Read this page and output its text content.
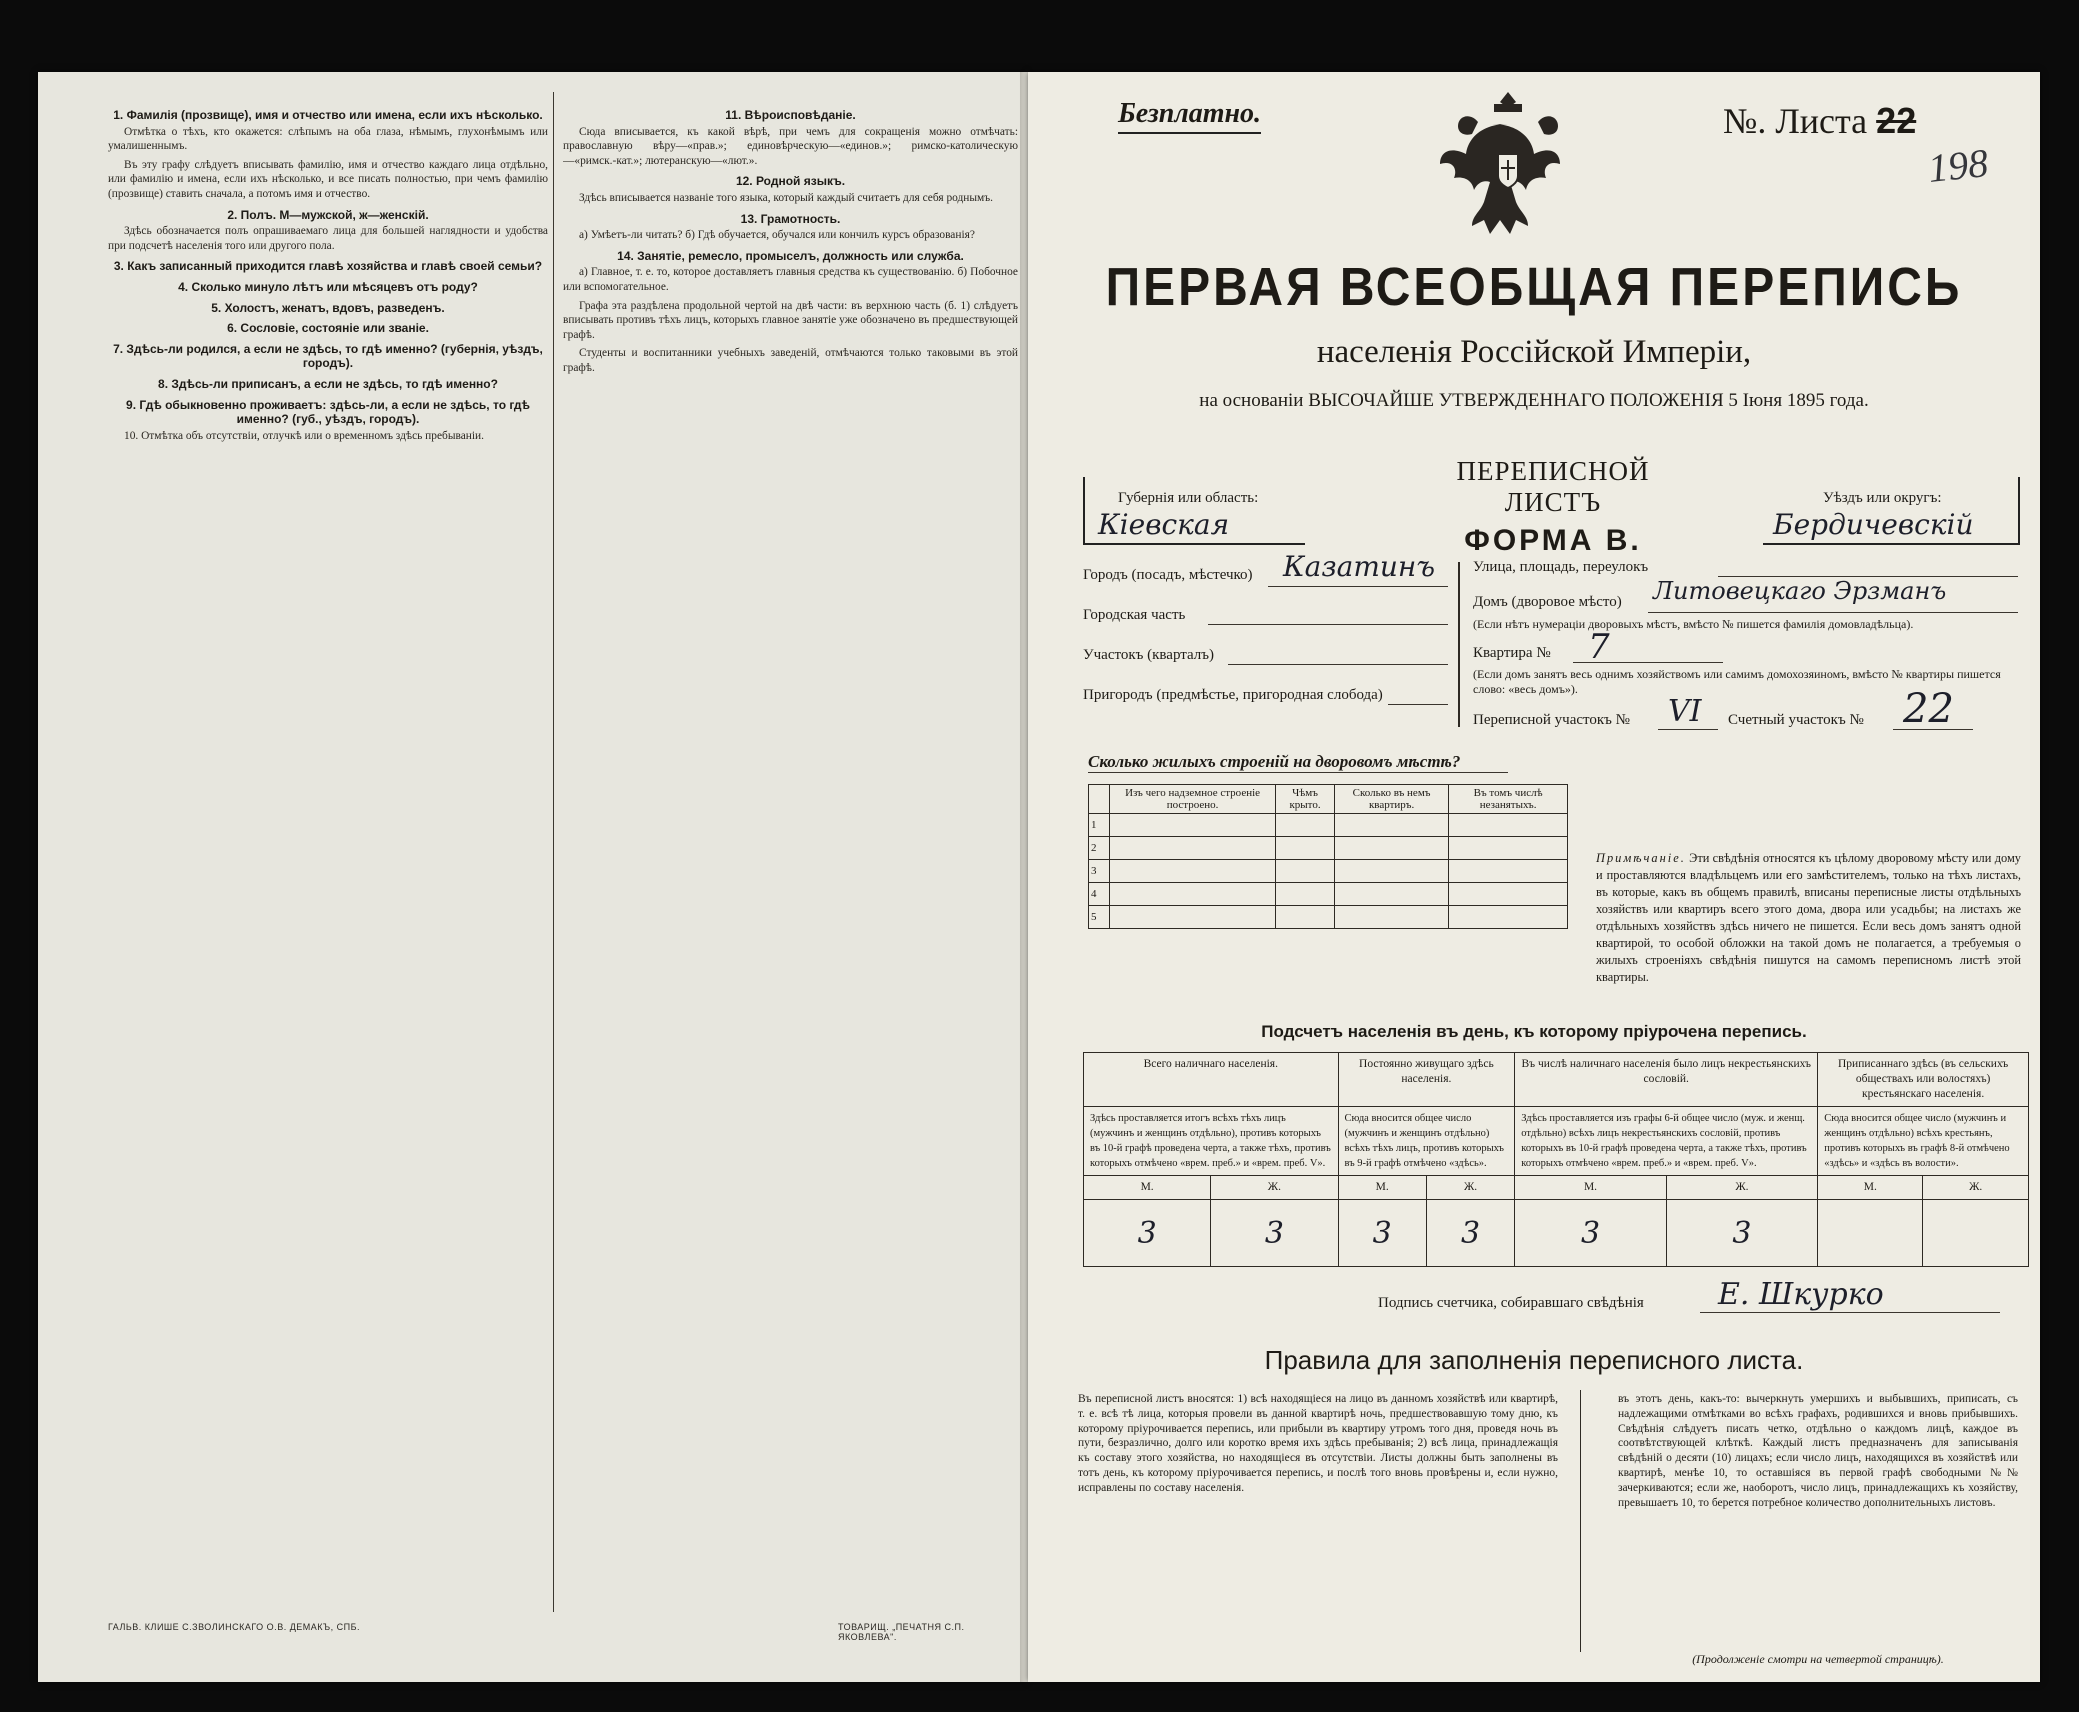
1. Фамилія (прозвище), имя и отчество или имена, если ихъ нѣсколько.

Отмѣтка о тѣхъ, кто окажется: слѣпымъ на оба глаза, нѣмымъ, глухонѣмымъ или умалишеннымъ.

Въ эту графу слѣдуетъ вписывать фамилію, имя и отчество каждаго лица отдѣльно, или фамилію и имена, если ихъ нѣсколько, и все писать полностью, при чемъ фамилію (прозвище) ставить сначала, а потомъ имя и отчество.

2. Полъ. М—мужской, ж—женскій.

Здѣсь обозначается полъ опрашиваемаго лица для большей наглядности и удобства при подсчетѣ населенія того или другого пола.

3. Какъ записанный приходится главѣ хозяйства и главѣ своей семьи?
4. Сколько минуло лѣтъ или мѣсяцевъ отъ роду?
5. Холостъ, женатъ, вдовъ, разведенъ.
6. Сословіе, состояніе или званіе.
7. Здѣсь-ли родился, а если не здѣсь, то гдѣ именно? (губернія, уѣздъ, городъ).
8. Здѣсь-ли приписанъ, а если не здѣсь, то гдѣ именно?
9. Гдѣ обыкновенно проживаетъ: здѣсь-ли, а если не здѣсь, то гдѣ именно? (губ., уѣздъ, городъ).

10. Отмѣтка объ отсутствіи, отлучкѣ или о временномъ здѣсь пребываніи.

11. Вѣроисповѣданіе.

Сюда вписывается, къ какой вѣрѣ, при чемъ для сокращенія можно отмѣчать: православную вѣру—«прав.»; единовѣрческую—«единов.»; римско-католическую—«римск.-кат.»; лютеранскую—«лют.».

12. Родной языкъ.

Здѣсь вписывается названіе того языка, который каждый считаетъ для себя роднымъ.

13. Грамотность.

а) Умѣетъ-ли читать? б) Гдѣ обучается, обучался или кончилъ курсъ образованія?

14. Занятіе, ремесло, промыселъ, должность или служба.

а) Главное, т. е. то, которое доставляетъ главныя средства къ существованію. б) Побочное или вспомогательное.

Графа эта раздѣлена продольной чертой на двѣ части: въ верхнюю часть (б. 1) слѣдуетъ вписывать противъ тѣхъ лицъ, которыхъ главное занятіе уже обозначено въ предшествующей графѣ.

Студенты и воспитанники учебныхъ заведеній, отмѣчаются только таковыми въ этой графѣ.

ГАЛЬВ. КЛИШЕ С.ЗВОЛИНСКАГО О.В. ДЕМАКЪ, СПБ.	ТОВАРИЩ. „ПЕЧАТНЯ С.П. ЯКОВЛЕВА".
Безплатно.	№. Листа 22
198
ПЕРВАЯ ВСЕОБЩАЯ ПЕРЕПИСЬ
населенія Россійской Имперіи,
на основаніи ВЫСОЧАЙШЕ УТВЕРЖДЕННАГО ПОЛОЖЕНІЯ 5 Іюня 1895 года.
Губернія или область:
Кіевская
ПЕРЕПИСНОЙ ЛИСТЪ
ФОРМА В.
Уѣздъ или округъ:
Бердичевскій
Городъ (посадъ, мѣстечко) Казатинъ
Городская часть
Участокъ (кварталъ)
Пригородъ (предмѣстье, пригородная слобода)
Улица, площадь, переулокъ
Домъ (дворовое мѣсто) Литовецкаго Эрзманъ
(Если нѣтъ нумераціи дворовыхъ мѣстъ, вмѣсто № пишется фамилія домовладѣльца).
Квартира № 7
(Если домъ занятъ весь однимъ хозяйствомъ или самимъ домохозяиномъ, вмѣсто № квартиры пишется слово: «весь домъ»).
Переписной участокъ № VI Счетный участокъ № 22
Сколько жилыхъ строеній на дворовомъ мѣстѣ?
	Изъ чего надземное строеніе построено.	Чѣмъ крыто.	Сколько въ немъ квартиръ.	Въ томъ числѣ незанятыхъ.
1				
2				
3				
4				
5				
Примѣчаніе. Эти свѣдѣнія относятся къ цѣлому дворовому мѣсту или дому и проставляются владѣльцемъ или его замѣстителемъ, только на тѣхъ листахъ, въ которые, какъ въ общемъ правилѣ, вписаны переписные листы отдѣльныхъ хозяйствъ или квартиръ всего этого дома, двора или усадьбы; на листахъ же отдѣльныхъ хозяйствъ здѣсь ничего не пишется. Если весь домъ занятъ одной квартирой, то особой обложки на такой домъ не полагается, а требуемыя о жилыхъ строеніяхъ свѣдѣнія пишутся на самомъ переписномъ листѣ этой квартиры.
Подсчетъ населенія въ день, къ которому пріурочена перепись.
Всего наличнаго населенія.		Постоянно живущаго здѣсь населенія.		Въ числѣ наличнаго населенія было лицъ некрестьянскихъ сословій.		Приписаннаго здѣсь (въ сельскихъ обществахъ или волостяхъ) крестьянскаго населенія.	
Здѣсь проставляется итогъ всѣхъ тѣхъ лицъ (мужчинъ и женщинъ отдѣльно), противъ которыхъ въ 10-й графѣ проведена черта, а также тѣхъ, противъ которыхъ отмѣчено «врем. преб.» и «врем. преб. V».		Сюда вносится общее число (мужчинъ и женщинъ отдѣльно) всѣхъ тѣхъ лицъ, противъ которыхъ въ 9-й графѣ отмѣчено «здѣсь».		Здѣсь проставляется изъ графы 6-й общее число (муж. и женщ. отдѣльно) всѣхъ лицъ некрестьянскихъ сословій, противъ которыхъ въ 10-й графѣ проведена черта, а также тѣхъ, противъ которыхъ отмѣчено «врем. преб.» и «врем. преб. V».		Сюда вносится общее число (мужчинъ и женщинъ отдѣльно) всѣхъ крестьянъ, противъ которыхъ въ графѣ 8-й отмѣчено «здѣсь» и «здѣсь въ волости».	
М.	Ж.	М.	Ж.	М.	Ж.	М.	Ж.
3	3	3	3	3	3		
Подпись счетчика, собиравшаго свѣдѣнія Е. Шкурко
Правила для заполненія переписного листа.
Въ переписной листъ вносятся: 1) всѣ находящіеся на лицо въ данномъ хозяйствѣ или квартирѣ, т. е. всѣ тѣ лица, которыя провели въ данной квартирѣ ночь, предшествовавшую тому дню, къ которому пріурочивается перепись, или прибыли въ квартиру утромъ того дня, проведя ночь въ пути, безразлично, долго или коротко время ихъ здѣсь пребыванія; 2) всѣ лица, принадлежащія къ составу этого хозяйства, но находящіеся въ отсутствіи. Листы должны быть заполнены въ тотъ день, къ которому пріурочивается перепись, и послѣ того вновь провѣрены и, если нужно, исправлены по составу населенія.
въ этотъ день, какъ-то: вычеркнуть умершихъ и выбывшихъ, приписать, съ надлежащими отмѣтками во всѣхъ графахъ, родившихся и вновь прибывшихъ. Свѣдѣнія слѣдуетъ писать четко, отдѣльно о каждомъ лицѣ, каждое въ соотвѣтствующей клѣткѣ. Каждый листъ предназначенъ для записыванія свѣдѣній о десяти (10) лицахъ; если число лицъ, находящихся въ хозяйствѣ или квартирѣ, менѣе 10, то оставшіяся въ первой графѣ свободными №№ зачеркиваются; если же, наоборотъ, число лицъ, принадлежащихъ къ хозяйству, превышаетъ 10, то берется потребное количество дополнительныхъ листовъ.
(Продолженіе смотри на четвертой страницѣ).
